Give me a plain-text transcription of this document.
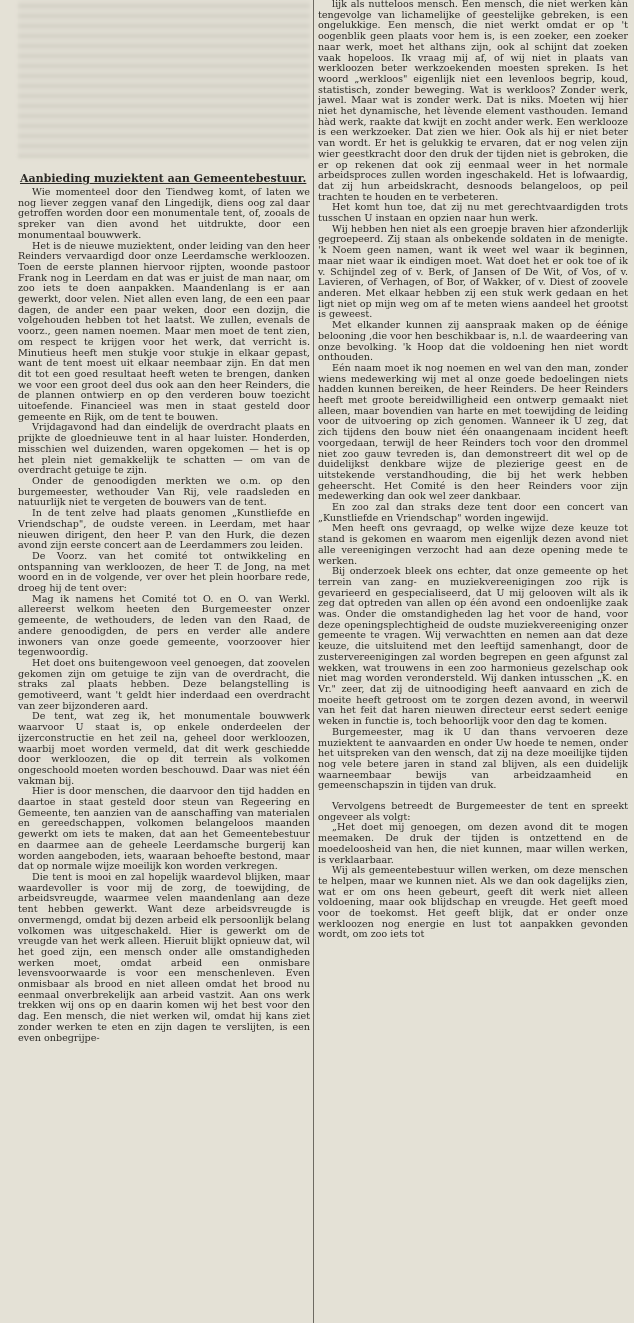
Aanbieding muziektent aan Gemeentebestuur.

Wie momenteel door den Tiendweg komt, of laten we nog liever zeggen vanaf den Lingedijk, diens oog zal daar getroffen worden door een monumentale tent, of, zooals de spreker van dien avond het uitdrukte, door een monumentaal bouwwerk.

Het is de nieuwe muziektent, onder leiding van den heer Reinders vervaardigd door onze Leerdamsche werkloozen. Toen de eerste plannen hiervoor rijpten, woonde pastoor Frank nog in Leerdam en dat was er juist de man naar, om zoo iets te doen aanpakken. Maandenlang is er aan gewerkt, door velen. Niet allen even lang, de een een paar dagen, de ander een paar weken, door een dozijn, die volgehouden hebben tot het laatst. We zullen, evenals de voorz., geen namen noemen. Maar men moet de tent zien, om respect te krijgen voor het werk, dat verricht is. Minutieus heeft men stukje voor stukje in elkaar gepast, want de tent moest uit elkaar neembaar zijn. En dat men dit tot een goed resultaat heeft weten te brengen, danken we voor een groot deel dus ook aan den heer Reinders, die de plannen ontwierp en op den verderen bouw toezicht uitoefende. Financieel was men in staat gesteld door gemeente en Rijk, om de tent te bouwen.

Vrijdagavond had dan eindelijk de overdracht plaats en prijkte de gloednieuwe tent in al haar luister. Honderden, misschien wel duizenden, waren opgekomen — het is op het plein niet gemakkelijk te schatten — om van de overdracht getuige te zijn.

Onder de genoodigden merkten we o.m. op den burgemeester, wethouder Van Rij, vele raadsleden en natuurlijk niet te vergeten de bouwers van de tent.

In de tent zelve had plaats genomen „Kunstliefde en Vriendschap", de oudste vereen. in Leerdam, met haar nieuwen dirigent, den heer P. van den Hurk, die dezen avond zijn eerste concert aan de Leerdammers zou leiden.

De Voorz. van het comité tot ontwikkeling en ontspanning van werkloozen, de heer T. de Jong, na met woord en in de volgende, ver over het plein hoorbare rede, droeg hij de tent over:

Mag ik namens het Comité tot O. en O. van Werkl. allereerst welkom heeten den Burgemeester onzer gemeente, de wethouders, de leden van den Raad, de andere genoodigden, de pers en verder alle andere inwoners van onze goede gemeente, voorzoover hier tegenwoordig.

Het doet ons buitengewoon veel genoegen, dat zoovelen gekomen zijn om getuige te zijn van de overdracht, die straks zal plaats hebben. Deze belangstelling is gemotiveerd, want 't geldt hier inderdaad een overdracht van zeer bijzonderen aard.

De tent, wat zeg ik, het monumentale bouwwerk waarvoor U staat is, op enkele onderdeelen der ijzerconstructie en het zeil na, geheel door werkloozen, waarbij moet worden vermeld, dat dit werk geschiedde door werkloozen, die op dit terrein als volkomen ongeschoold moeten worden beschouwd. Daar was niet één vakman bij.

Hier is door menschen, die daarvoor den tijd hadden en daartoe in staat gesteld door steun van Regeering en Gemeente, ten aanzien van de aanschaffing van materialen en gereedschappen, volkomen belangeloos maanden gewerkt om iets te maken, dat aan het Gemeentebestuur en daarmee aan de geheele Leerdamsche burgerij kan worden aangeboden, iets, waaraan behoefte bestond, maar dat op normale wijze moeilijk kon worden verkregen.

Die tent is mooi en zal hopelijk waardevol blijken, maar waardevoller is voor mij de zorg, de toewijding, de arbeidsvreugde, waarmee velen maandenlang aan deze tent hebben gewerkt. Want deze arbeidsvreugde is onvermengd, omdat bij dezen arbeid elk persoonlijk belang volkomen was uitgeschakeld. Hier is gewerkt om de vreugde van het werk alleen. Hieruit blijkt opnieuw dat, wil het goed zijn, een mensch onder alle omstandigheden werken moet, omdat arbeid een onmisbare levensvoorwaarde is voor een menschenleven. Even onmisbaar als brood en niet alleen omdat het brood nu eenmaal onverbrekelijk aan arbeid vastzit. Aan ons werk trekken wij ons op en daarin komen wij het best voor den dag. Een mensch, die niet werken wil, omdat hij kans ziet zonder werken te eten en zijn dagen te verslijten, is een even onbegrijpe-

lijk als nutteloos mensch. Een mensch, die niet werken kàn tengevolge van lichamelijke of geestelijke gebreken, is een ongelukkige. Een mensch, die niet werkt omdat er op 't oogenblik geen plaats voor hem is, is een zoeker, een zoeker naar werk, moet het althans zijn, ook al schijnt dat zoeken vaak hopeloos. Ik vraag mij af, of wij niet in plaats van werkloozen beter werkzoekenden moesten spreken. Is het woord „werkloos" eigenlijk niet een levenloos begrip, koud, statistisch, zonder beweging. Wat is werkloos? Zonder werk, jawel. Maar wat is zonder werk. Dat is niks. Moeten wij hier niet het dynamische, het lèvende element vasthouden. Iemand hàd werk, raakte dat kwijt en zocht ander werk. Een werklooze is een werkzoeker. Dat zien we hier. Ook als hij er niet beter van wordt. Er het is gelukkig te ervaren, dat er nog velen zijn wier geestkracht door den druk der tijden niet is gebroken, die er op rekenen dat ook zij eenmaal weer in het normale arbeidsproces zullen worden ingeschakeld. Het is lofwaardig, dat zij hun arbeidskracht, desnoods belangeloos, op peil trachten te houden en te verbeteren.

Het komt hun toe, dat zij nu met gerechtvaardigden trots tusschen U instaan en opzien naar hun werk.

Wij hebben hen niet als een groepje braven hier afzonderlijk gegroepeerd. Zij staan als onbekende soldaten in de menigte. 'k Noem geen namen, want ik weet wel waar ik beginnen, maar niet waar ik eindigen moet. Wat doet het er ook toe of ik v. Schijndel zeg of v. Berk, of Jansen of De Wit, of Vos, of v. Lavieren, of Verhagen, of Bor, of Wakker, of v. Diest of zoovele anderen. Met elkaar hebben zij een stuk werk gedaan en het ligt niet op mijn weg om af te meten wiens aandeel het grootst is geweest.

Met elkander kunnen zij aanspraak maken op de éénige belooning ,die voor hen beschikbaar is, n.l. de waardeering van onze bevolking. 'k Hoop dat die voldoening hen niet wordt onthouden.

Eén naam moet ik nog noemen en wel van den man, zonder wiens medewerking wij met al onze goede bedoelingen niets hadden kunnen bereiken, de heer Reinders. De heer Reinders heeft met groote bereidwilligheid een ontwerp gemaakt niet alleen, maar bovendien van harte en met toewijding de leiding voor de uitvoering op zich genomen. Wanneer ik U zeg, dat zich tijdens den bouw niet één onaangenaam incident heeft voorgedaan, terwijl de heer Reinders toch voor den drommel niet zoo gauw tevreden is, dan demonstreert dit wel op de duidelijkst denkbare wijze de plezierige geest en de uitstekende verstandhouding, die bij het werk hebben geheerscht. Het Comité is den heer Reinders voor zijn medewerking dan ook wel zeer dankbaar.

En zoo zal dan straks deze tent door een concert van „Kunstliefde en Vriendschap" worden ingewijd.

Men heeft ons gevraagd, op welke wijze deze keuze tot stand is gekomen en waarom men eigenlijk dezen avond niet alle vereenigingen verzocht had aan deze opening mede te werken.

Bij onderzoek bleek ons echter, dat onze gemeente op het terrein van zang- en muziekvereenigingen zoo rijk is gevarieerd en gespecialiseerd, dat U mij gelooven wilt als ik zeg dat optreden van allen op één avond een ondoenlijke zaak was. Onder die omstandigheden lag het voor de hand, voor deze openingsplechtigheid de oudste muziekvereeniging onzer gemeente te vragen. Wij verwachtten en nemen aan dat deze keuze, die uitsluitend met den leeftijd samenhangt, door de zustervereenigingen zal worden begrepen en geen afgunst zal wekken, wat trouwens in een zoo harmonieus gezelschap ook niet mag worden verondersteld. Wij danken intusschen „K. en Vr." zeer, dat zij de uitnoodiging heeft aanvaard en zich de moeite heeft getroost om te zorgen dezen avond, in weerwil van het feit dat haren nieuwen directeur eerst sedert eenige weken in functie is, toch behoorlijk voor den dag te komen.

Burgemeester, mag ik U dan thans vervoeren deze muziektent te aanvaarden en onder Uw hoede te nemen, onder het uitspreken van den wensch, dat zij na deze moeilijke tijden nog vele betere jaren in stand zal blijven, als een duidelijk waarneembaar bewijs van arbeidzaamheid en gemeenschapszin in tijden van druk.

Vervolgens betreedt de Burgemeester de tent en spreekt ongeveer als volgt:

„Het doet mij genoegen, om dezen avond dit te mogen meemaken. De druk der tijden is ontzettend en de moedeloosheid van hen, die niet kunnen, maar willen werken, is verklaarbaar.

Wij als gemeentebestuur willen werken, om deze menschen te helpen, maar we kunnen niet. Als we dan ook dagelijks zien, wat er om ons heen gebeurt, geeft dit werk niet alleen voldoening, maar ook blijdschap en vreugde. Het geeft moed voor de toekomst. Het geeft blijk, dat er onder onze werkloozen nog energie en lust tot aanpakken gevonden wordt, om zoo iets tot
